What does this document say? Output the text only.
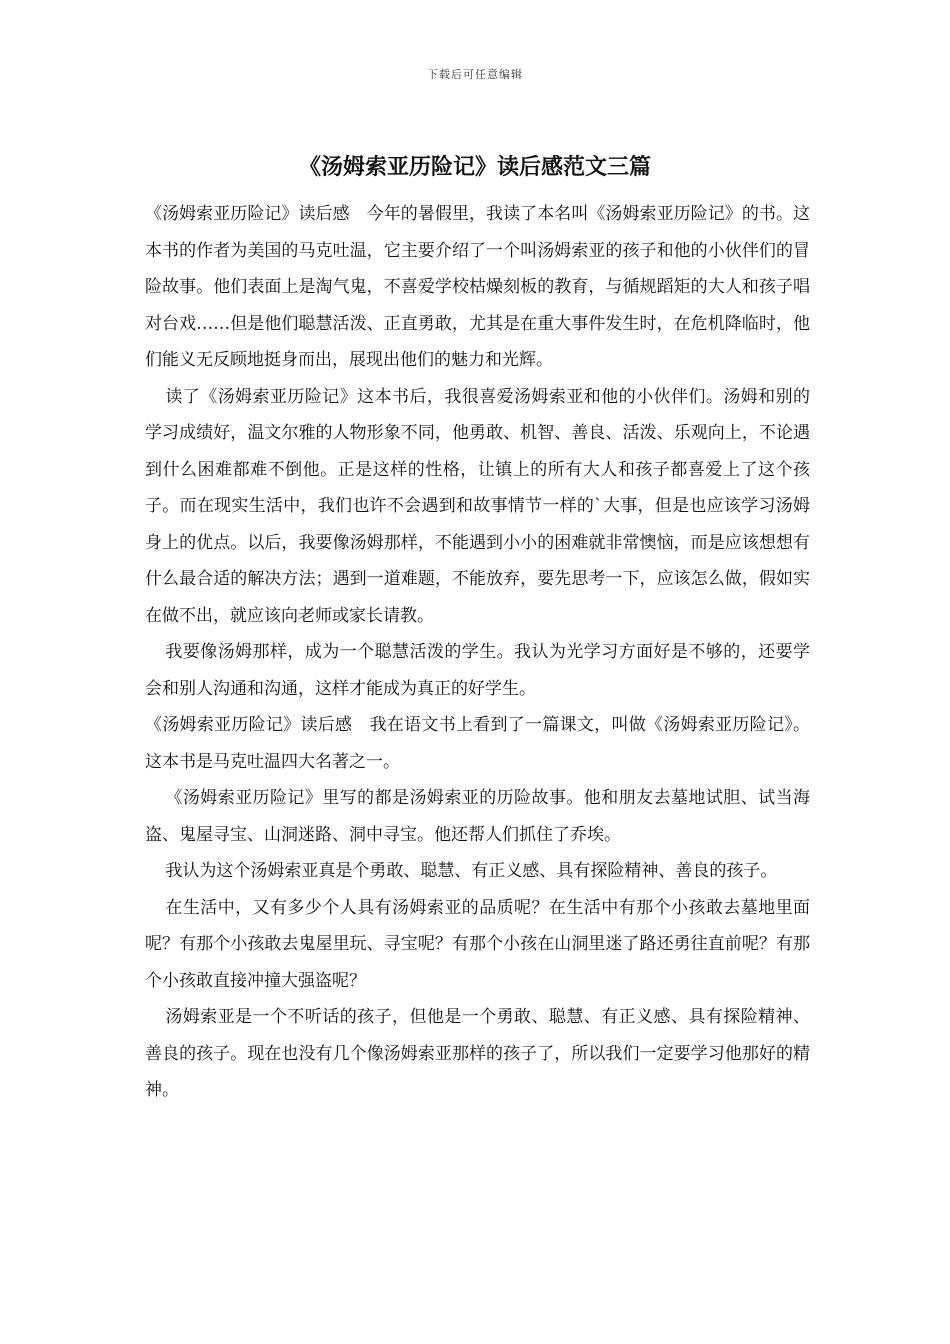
下载后可任意编辑
《汤姆索亚历险记》读后感范文三篇

《汤姆索亚历险记》读后感　今年的暑假里，我读了本名叫《汤姆索亚历险记》的书。这本书的作者为美国的马克吐温，它主要介绍了一个叫汤姆索亚的孩子和他的小伙伴们的冒险故事。他们表面上是淘气鬼，不喜爱学校枯燥刻板的教育，与循规蹈矩的大人和孩子唱对台戏……但是他们聪慧活泼、正直勇敢，尤其是在重大事件发生时，在危机降临时，他们能义无反顾地挺身而出，展现出他们的魅力和光辉。

读了《汤姆索亚历险记》这本书后，我很喜爱汤姆索亚和他的小伙伴们。汤姆和别的学习成绩好，温文尔雅的人物形象不同，他勇敢、机智、善良、活泼、乐观向上，不论遇到什么困难都难不倒他。正是这样的性格，让镇上的所有大人和孩子都喜爱上了这个孩子。而在现实生活中，我们也许不会遇到和故事情节一样的`大事，但是也应该学习汤姆身上的优点。以后，我要像汤姆那样，不能遇到小小的困难就非常懊恼，而是应该想想有什么最合适的解决方法；遇到一道难题，不能放弃，要先思考一下，应该怎么做，假如实在做不出，就应该向老师或家长请教。

我要像汤姆那样，成为一个聪慧活泼的学生。我认为光学习方面好是不够的，还要学会和别人沟通和沟通，这样才能成为真正的好学生。

《汤姆索亚历险记》读后感　我在语文书上看到了一篇课文，叫做《汤姆索亚历险记》。这本书是马克吐温四大名著之一。

《汤姆索亚历险记》里写的都是汤姆索亚的历险故事。他和朋友去墓地试胆、试当海盗、鬼屋寻宝、山洞迷路、洞中寻宝。他还帮人们抓住了乔埃。

我认为这个汤姆索亚真是个勇敢、聪慧、有正义感、具有探险精神、善良的孩子。

在生活中，又有多少个人具有汤姆索亚的品质呢？在生活中有那个小孩敢去墓地里面呢？有那个小孩敢去鬼屋里玩、寻宝呢？有那个小孩在山洞里迷了路还勇往直前呢？有那个小孩敢直接冲撞大强盗呢？

汤姆索亚是一个不听话的孩子，但他是一个勇敢、聪慧、有正义感、具有探险精神、善良的孩子。现在也没有几个像汤姆索亚那样的孩子了，所以我们一定要学习他那好的精神。
